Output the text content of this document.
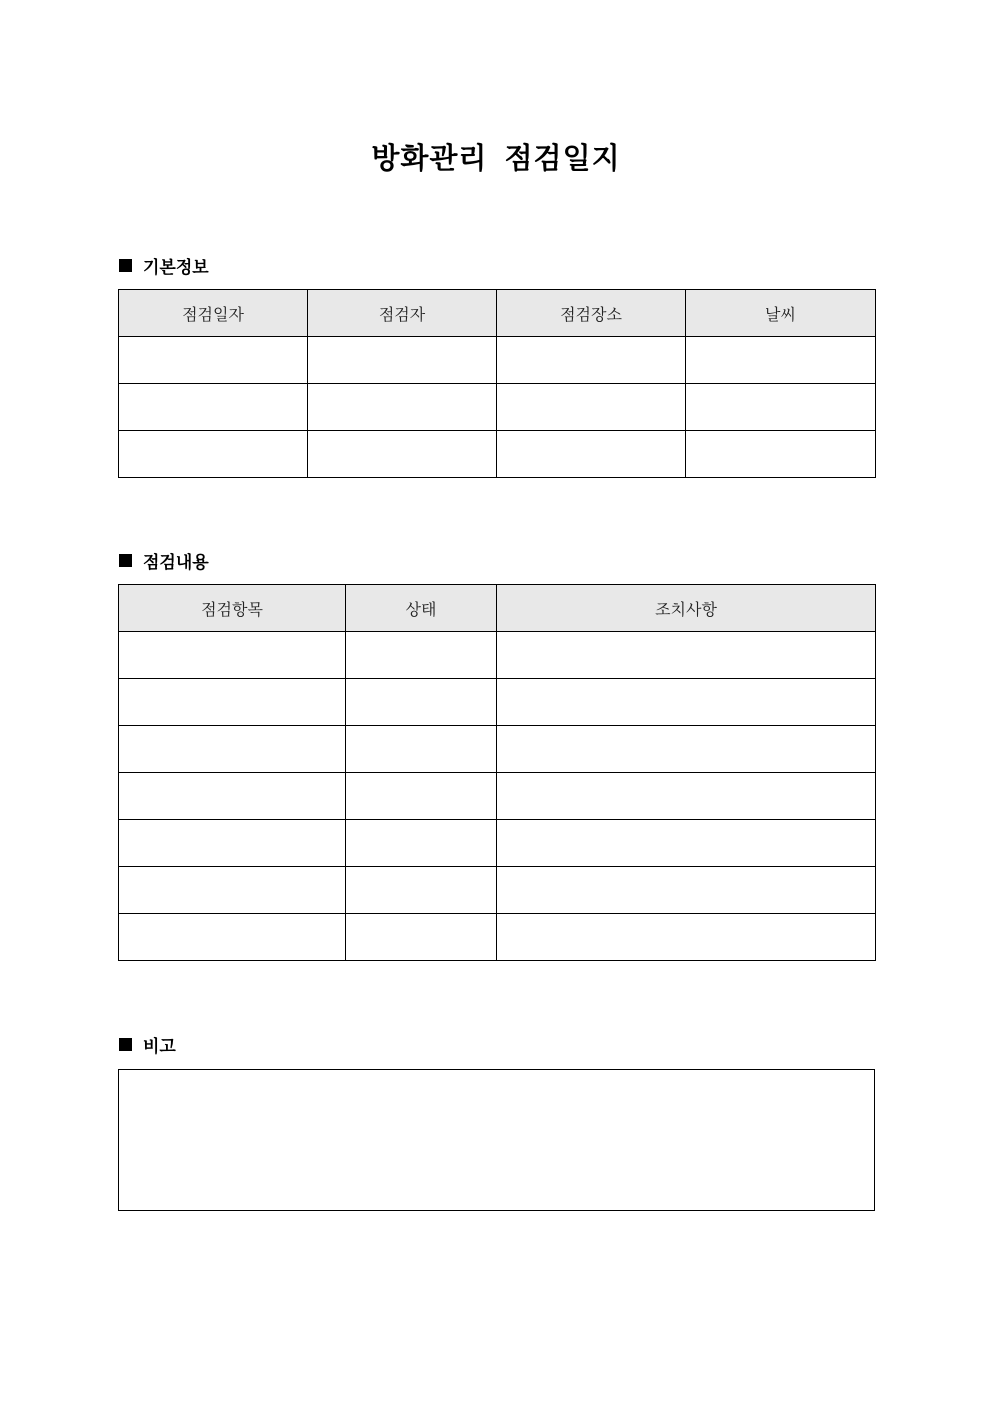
방화관리 점검일지
기본정보
점검일자	점검자	점검장소	날씨

점검내용
점검항목	상태	조치사항

비고
